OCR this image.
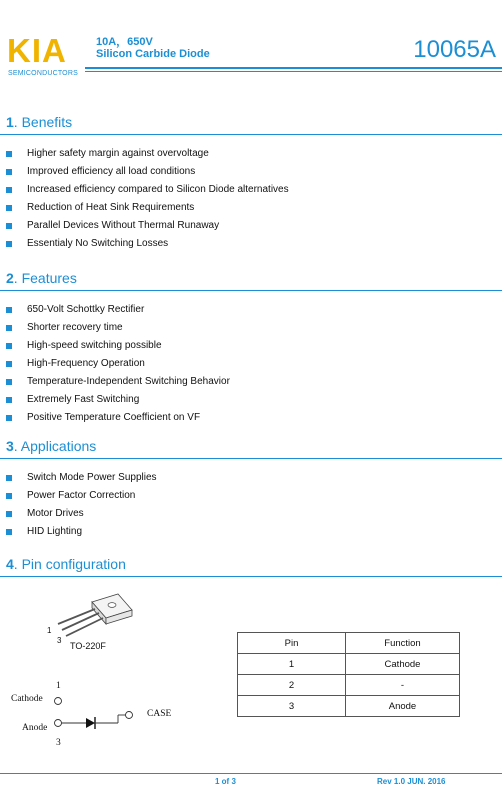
KIA
SEMICONDUCTORS
10A，650V
Silicon Carbide Diode	10065A
1. Benefits
Higher safety margin against overvoltage
Improved efficiency all load conditions
Increased efficiency compared to Silicon Diode alternatives
Reduction of Heat Sink Requirements
Parallel Devices Without Thermal Runaway
Essentialy No Switching Losses
2. Features
650-Volt Schottky Rectifier
Shorter recovery time
High-speed switching possible
High-Frequency Operation
Temperature-Independent Switching Behavior
Extremely Fast Switching
Positive Temperature Coefficient on VF
3. Applications
Switch Mode Power Supplies
Power Factor Correction
Motor Drives
HID Lighting
4. Pin configuration
1
3
TO-220F
1
Cathode
CASE
Anode
3
Pin	Function
1	Cathode
2	-
3	Anode
1 of 3	Rev 1.0 JUN. 2016
